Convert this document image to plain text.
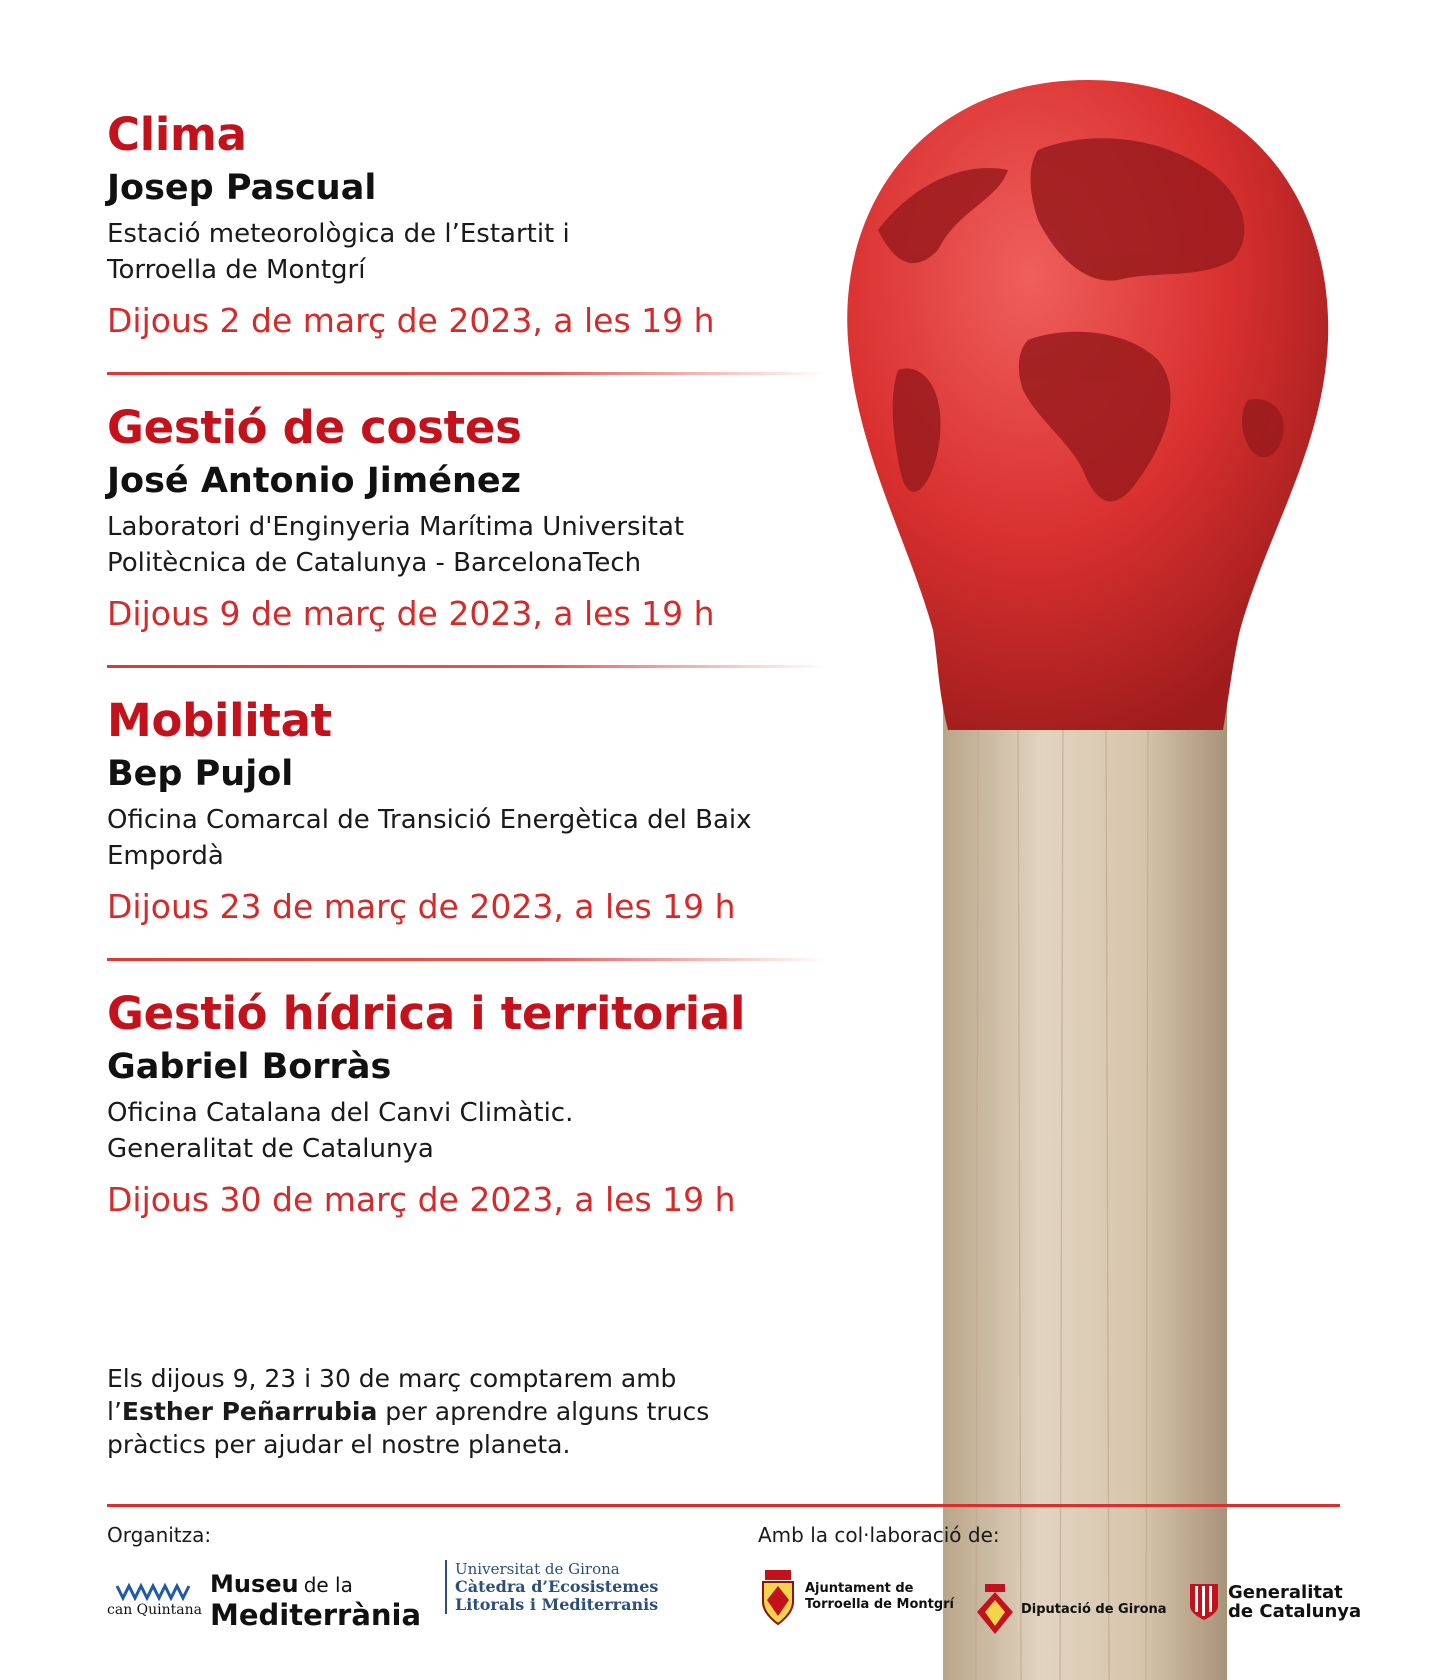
Clima

Josep Pascual

Estació meteorològica de l’Estartit i Torroella de Montgrí

Dijous 2 de març de 2023, a les 19 h

Gestió de costes

José Antonio Jiménez

Laboratori d'Enginyeria Marítima Universitat Politècnica de Catalunya - BarcelonaTech

Dijous 9 de març de 2023, a les 19 h

Mobilitat

Bep Pujol

Oficina Comarcal de Transició Energètica del Baix Empordà

Dijous 23 de març de 2023, a les 19 h

Gestió hídrica i territorial

Gabriel Borràs

Oficina Catalana del Canvi Climàtic. Generalitat de Catalunya

Dijous 30 de març de 2023, a les 19 h

Els dijous 9, 23 i 30 de març comptarem amb l’Esther Peñarrubia per aprendre alguns trucs pràctics per ajudar el nostre planeta.

Organitza:	Amb la col·laboració de:
can Quintana
Museu de la
Mediterrània
Universitat de Girona
Càtedra d’Ecosistemes
Litorals i Mediterranis
Ajuntament de
Torroella de Montgrí	Diputació de Girona
Generalitat
de Catalunya
